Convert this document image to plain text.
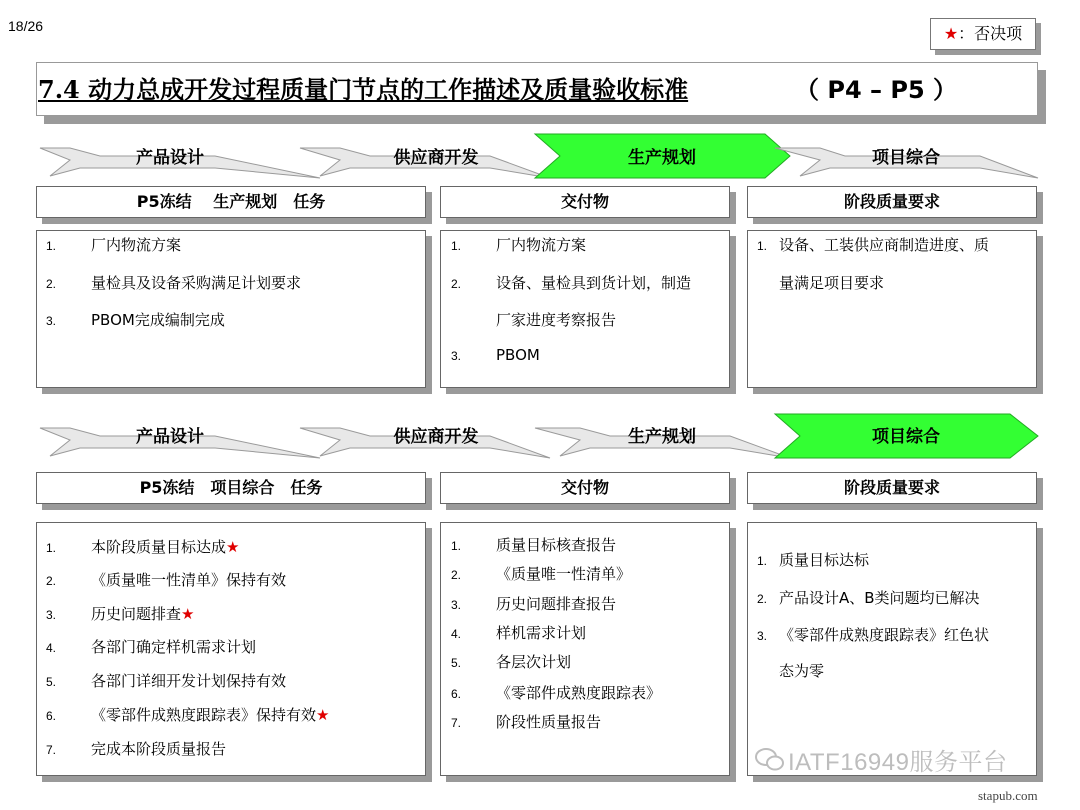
18/26	★：否决项
7.4 动力总成开发过程质量门节点的工作描述及质量验收标准	（ P4 – P5 ）
产品设计	供应商开发	生产规划	项目综合
P5冻结　 生产规划　任务	交付物	阶段质量要求
1. 厂内物流方案
2. 量检具及设备采购满足计划要求
3. PBOM完成编制完成
1. 厂内物流方案
2. 设备、量检具到货计划，制造
厂家进度考察报告
3. PBOM
1. 设备、工装供应商制造进度、质
量满足项目要求
产品设计	供应商开发	生产规划	项目综合
P5冻结　项目综合　任务	交付物	阶段质量要求
1. 本阶段质量目标达成★
2. 《质量唯一性清单》保持有效
3. 历史问题排查★
4. 各部门确定样机需求计划
5. 各部门详细开发计划保持有效
6. 《零部件成熟度跟踪表》保持有效★
7. 完成本阶段质量报告
1. 质量目标核查报告
2. 《质量唯一性清单》
3. 历史问题排查报告
4. 样机需求计划
5. 各层次计划
6. 《零部件成熟度跟踪表》
7. 阶段性质量报告
1. 质量目标达标
2. 产品设计A、B类问题均已解决
3. 《零部件成熟度跟踪表》红色状
态为零
IATF16949服务平台
stapub.com
